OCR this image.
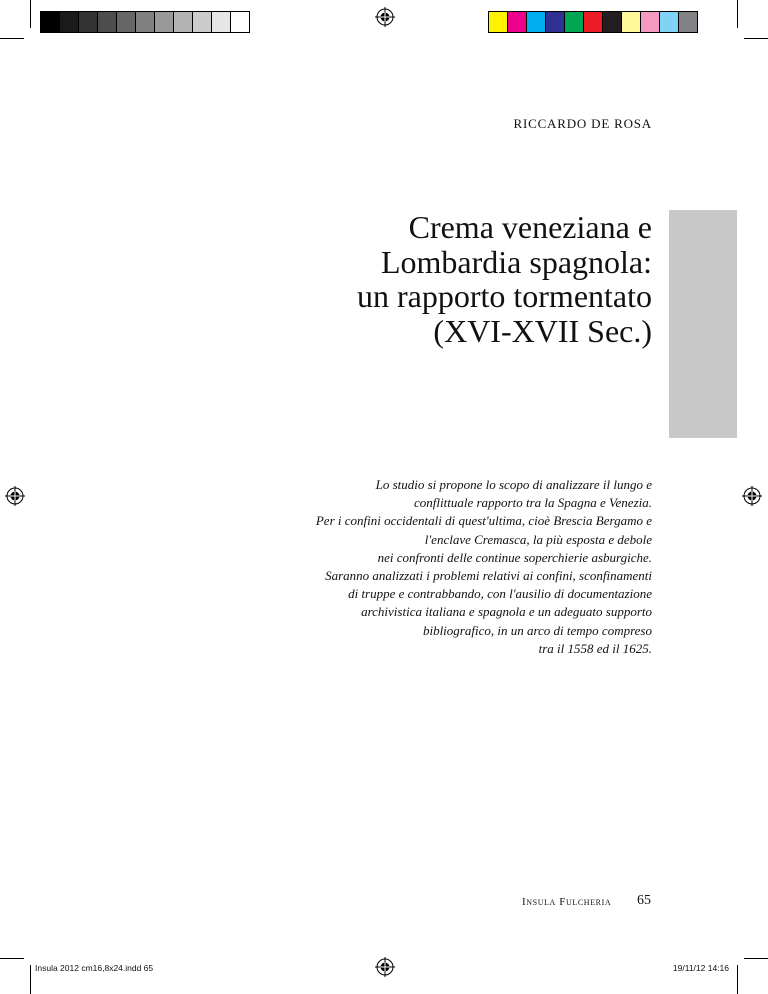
RICCARDO DE ROSA
Crema veneziana e
Lombardia spagnola:
un rapporto tormentato
(XVI-XVII Sec.)
Lo studio si propone lo scopo di analizzare il lungo e
conflittuale rapporto tra la Spagna e Venezia.
Per i confini occidentali di quest'ultima, cioè Brescia Bergamo e
l'enclave Cremasca, la più esposta e debole
nei confronti delle continue soperchierie asburgiche.
Saranno analizzati i problemi relativi ai confini, sconfinamenti
di truppe e contrabbando, con l'ausilio di documentazione
archivistica italiana e spagnola e un adeguato supporto
bibliografico, in un arco di tempo compreso
tra il 1558 ed il 1625.
Insula Fulcheria 65
Insula 2012 cm16,8x24.indd 65	19/11/12 14:16
